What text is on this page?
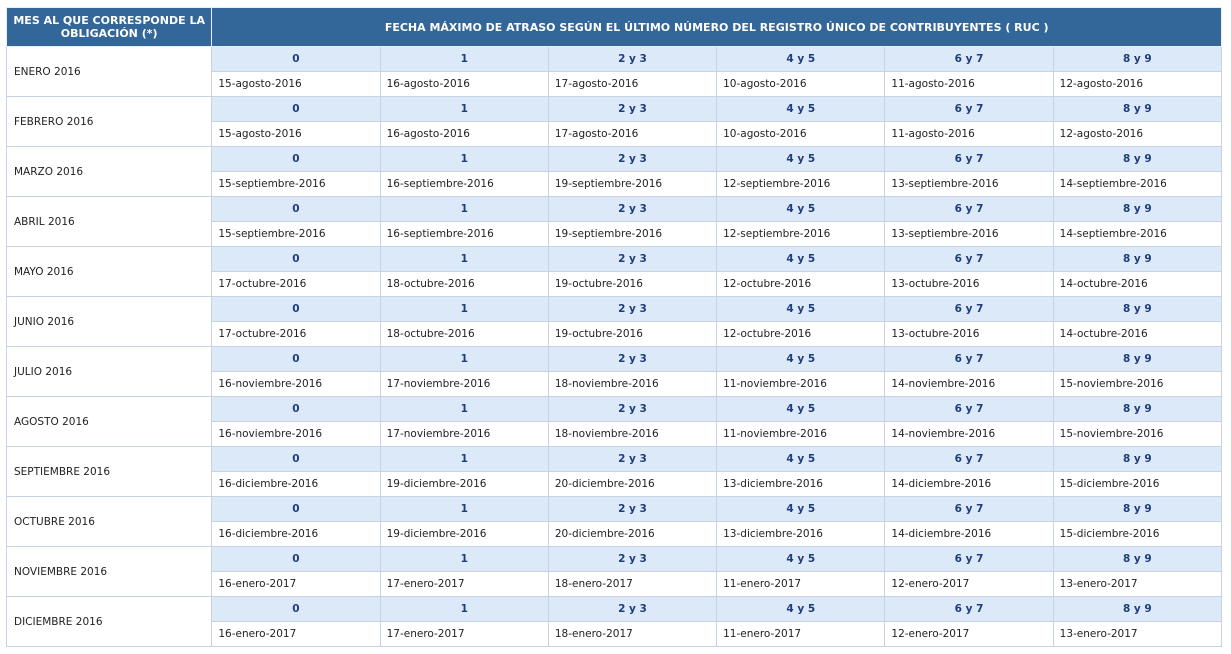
MES AL QUE CORRESPONDE LA OBLIGACIÓN (*)	FECHA MÁXIMO DE ATRASO SEGÚN EL ÚLTIMO NÚMERO DEL REGISTRO ÚNICO DE CONTRIBUYENTES ( RUC )					
ENERO 2016	0	1	2 y 3	4 y 5	6 y 7	8 y 9
	15-agosto-2016	16-agosto-2016	17-agosto-2016	10-agosto-2016	11-agosto-2016	12-agosto-2016
FEBRERO 2016	0	1	2 y 3	4 y 5	6 y 7	8 y 9
	15-agosto-2016	16-agosto-2016	17-agosto-2016	10-agosto-2016	11-agosto-2016	12-agosto-2016
MARZO 2016	0	1	2 y 3	4 y 5	6 y 7	8 y 9
	15-septiembre-2016	16-septiembre-2016	19-septiembre-2016	12-septiembre-2016	13-septiembre-2016	14-septiembre-2016
ABRIL 2016	0	1	2 y 3	4 y 5	6 y 7	8 y 9
	15-septiembre-2016	16-septiembre-2016	19-septiembre-2016	12-septiembre-2016	13-septiembre-2016	14-septiembre-2016
MAYO 2016	0	1	2 y 3	4 y 5	6 y 7	8 y 9
	17-octubre-2016	18-octubre-2016	19-octubre-2016	12-octubre-2016	13-octubre-2016	14-octubre-2016
JUNIO 2016	0	1	2 y 3	4 y 5	6 y 7	8 y 9
	17-octubre-2016	18-octubre-2016	19-octubre-2016	12-octubre-2016	13-octubre-2016	14-octubre-2016
JULIO 2016	0	1	2 y 3	4 y 5	6 y 7	8 y 9
	16-noviembre-2016	17-noviembre-2016	18-noviembre-2016	11-noviembre-2016	14-noviembre-2016	15-noviembre-2016
AGOSTO 2016	0	1	2 y 3	4 y 5	6 y 7	8 y 9
	16-noviembre-2016	17-noviembre-2016	18-noviembre-2016	11-noviembre-2016	14-noviembre-2016	15-noviembre-2016
SEPTIEMBRE 2016	0	1	2 y 3	4 y 5	6 y 7	8 y 9
	16-diciembre-2016	19-diciembre-2016	20-diciembre-2016	13-diciembre-2016	14-diciembre-2016	15-diciembre-2016
OCTUBRE 2016	0	1	2 y 3	4 y 5	6 y 7	8 y 9
	16-diciembre-2016	19-diciembre-2016	20-diciembre-2016	13-diciembre-2016	14-diciembre-2016	15-diciembre-2016
NOVIEMBRE 2016	0	1	2 y 3	4 y 5	6 y 7	8 y 9
	16-enero-2017	17-enero-2017	18-enero-2017	11-enero-2017	12-enero-2017	13-enero-2017
DICIEMBRE 2016	0	1	2 y 3	4 y 5	6 y 7	8 y 9
	16-enero-2017	17-enero-2017	18-enero-2017	11-enero-2017	12-enero-2017	13-enero-2017
